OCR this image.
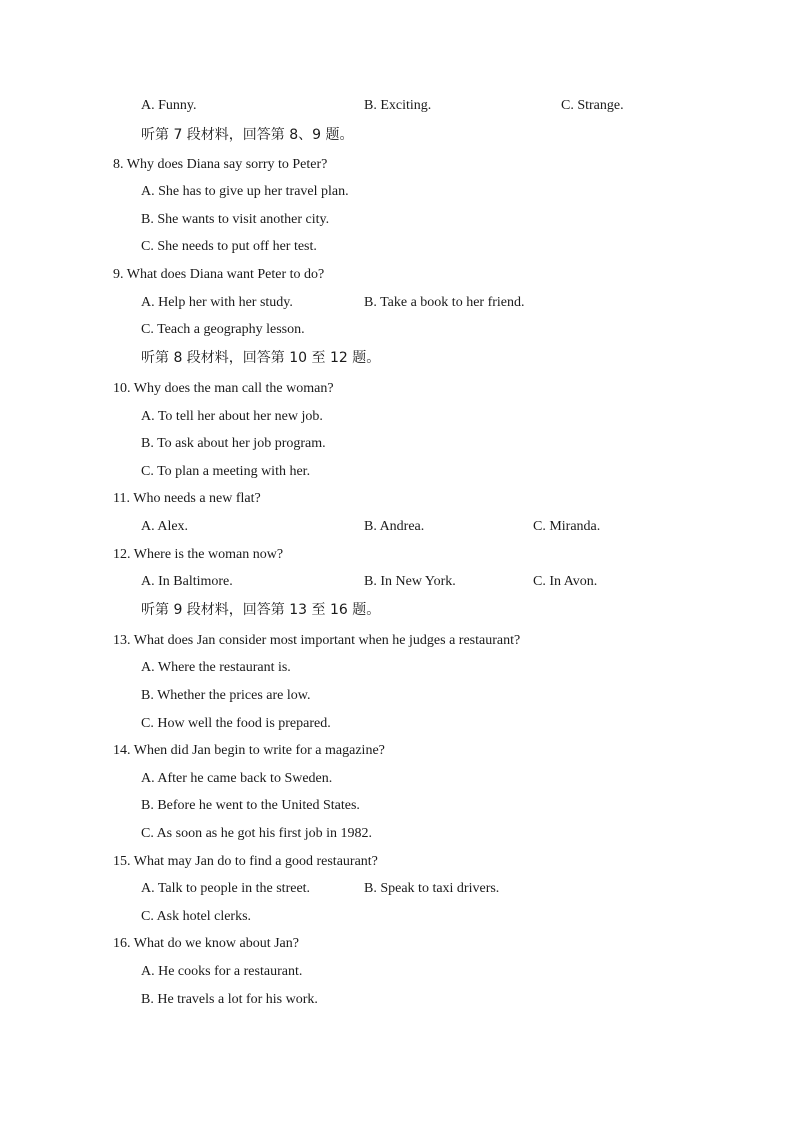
A. Funny.	B. Exciting.	C. Strange.
听第 7 段材料，回答第 8、9 题。
8. Why does Diana say sorry to Peter?
A. She has to give up her travel plan.
B. She wants to visit another city.
C. She needs to put off her test.
9. What does Diana want Peter to do?
A. Help her with her study.	B. Take a book to her friend.
C. Teach a geography lesson.
听第 8 段材料，回答第 10 至 12 题。
10. Why does the man call the woman?
A. To tell her about her new job.
B. To ask about her job program.
C. To plan a meeting with her.
11. Who needs a new flat?
A. Alex.	B. Andrea.	C. Miranda.
12. Where is the woman now?
A. In Baltimore.	B. In New York.	C. In Avon.
听第 9 段材料，回答第 13 至 16 题。
13. What does Jan consider most important when he judges a restaurant?
A. Where the restaurant is.
B. Whether the prices are low.
C. How well the food is prepared.
14. When did Jan begin to write for a magazine?
A. After he came back to Sweden.
B. Before he went to the United States.
C. As soon as he got his first job in 1982.
15. What may Jan do to find a good restaurant?
A. Talk to people in the street.	B. Speak to taxi drivers.
C. Ask hotel clerks.
16. What do we know about Jan?
A. He cooks for a restaurant.
B. He travels a lot for his work.
